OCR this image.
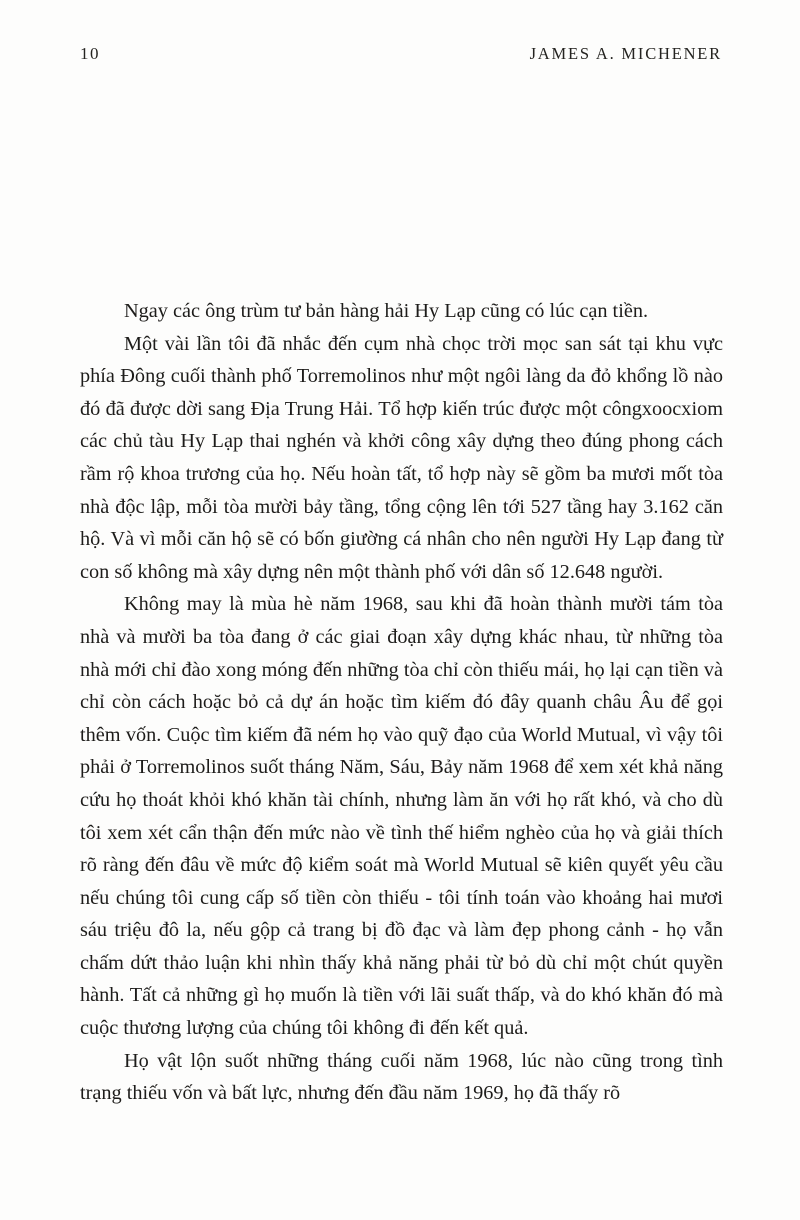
10	JAMES A. MICHENER

Ngay các ông trùm tư bản hàng hải Hy Lạp cũng có lúc cạn tiền.

Một vài lần tôi đã nhắc đến cụm nhà chọc trời mọc san sát tại khu vực phía Đông cuối thành phố Torremolinos như một ngôi làng da đỏ khổng lồ nào đó đã được dời sang Địa Trung Hải. Tổ hợp kiến trúc được một côngxoocxiom các chủ tàu Hy Lạp thai nghén và khởi công xây dựng theo đúng phong cách rầm rộ khoa trương của họ. Nếu hoàn tất, tổ hợp này sẽ gồm ba mươi mốt tòa nhà độc lập, mỗi tòa mười bảy tầng, tổng cộng lên tới 527 tầng hay 3.162 căn hộ. Và vì mỗi căn hộ sẽ có bốn giường cá nhân cho nên người Hy Lạp đang từ con số không mà xây dựng nên một thành phố với dân số 12.648 người.

Không may là mùa hè năm 1968, sau khi đã hoàn thành mười tám tòa nhà và mười ba tòa đang ở các giai đoạn xây dựng khác nhau, từ những tòa nhà mới chỉ đào xong móng đến những tòa chỉ còn thiếu mái, họ lại cạn tiền và chỉ còn cách hoặc bỏ cả dự án hoặc tìm kiếm đó đây quanh châu Âu để gọi thêm vốn. Cuộc tìm kiếm đã ném họ vào quỹ đạo của World Mutual, vì vậy tôi phải ở Torremolinos suốt tháng Năm, Sáu, Bảy năm 1968 để xem xét khả năng cứu họ thoát khỏi khó khăn tài chính, nhưng làm ăn với họ rất khó, và cho dù tôi xem xét cẩn thận đến mức nào về tình thế hiểm nghèo của họ và giải thích rõ ràng đến đâu về mức độ kiểm soát mà World Mutual sẽ kiên quyết yêu cầu nếu chúng tôi cung cấp số tiền còn thiếu - tôi tính toán vào khoảng hai mươi sáu triệu đô la, nếu gộp cả trang bị đồ đạc và làm đẹp phong cảnh - họ vẫn chấm dứt thảo luận khi nhìn thấy khả năng phải từ bỏ dù chỉ một chút quyền hành. Tất cả những gì họ muốn là tiền với lãi suất thấp, và do khó khăn đó mà cuộc thương lượng của chúng tôi không đi đến kết quả.

Họ vật lộn suốt những tháng cuối năm 1968, lúc nào cũng trong tình trạng thiếu vốn và bất lực, nhưng đến đầu năm 1969, họ đã thấy rõ
